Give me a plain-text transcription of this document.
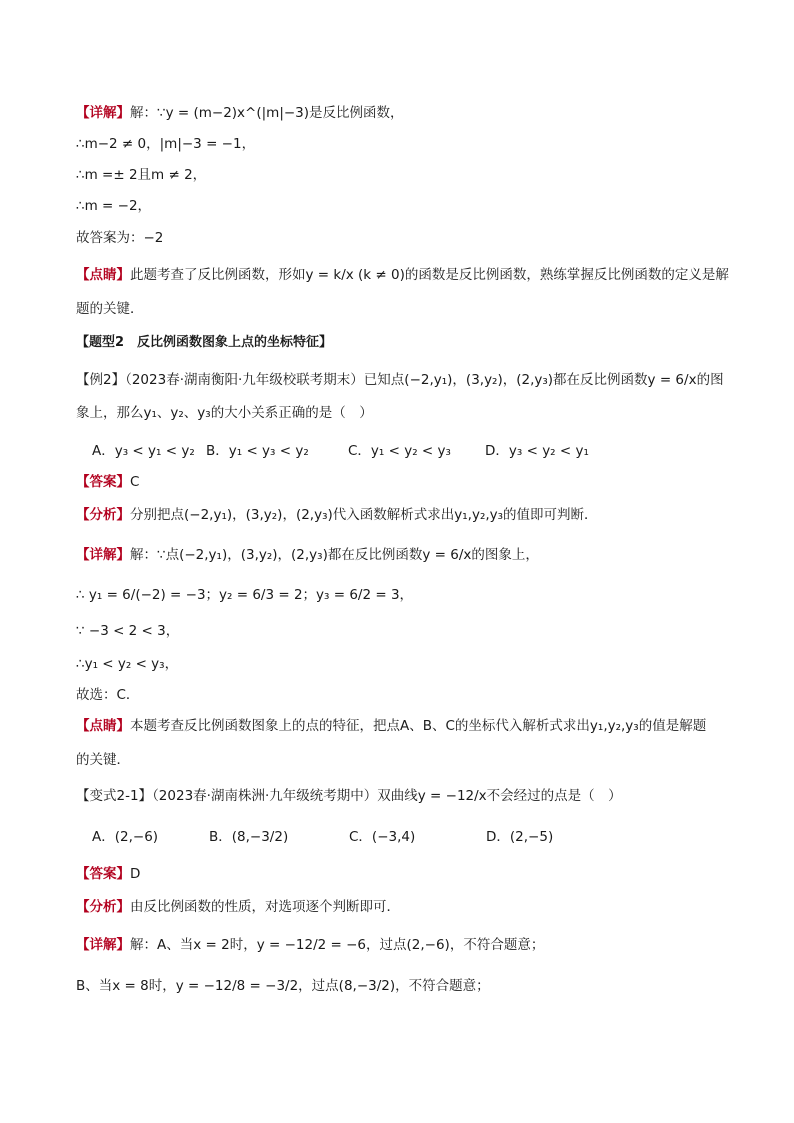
【详解】解：∵y = (m−2)x^(|m|−3)是反比例函数，
∴m−2 ≠ 0，|m|−3 = −1，
∴m =± 2且m ≠ 2，
∴m = −2，
故答案为：−2
【点睛】此题考查了反比例函数，形如y = k/x (k ≠ 0)的函数是反比例函数，熟练掌握反比例函数的定义是解
题的关键．
【题型2　反比例函数图象上点的坐标特征】
【例2】（2023春·湖南衡阳·九年级校联考期末）已知点(−2,y₁)，(3,y₂)，(2,y₃)都在反比例函数y = 6/x的图
象上，那么y₁、y₂、y₃的大小关系正确的是（　）
A．y₃ < y₁ < y₂ B．y₁ < y₃ < y₂	C．y₁ < y₂ < y₃	D．y₃ < y₂ < y₁
【答案】C
【分析】分别把点(−2,y₁)，(3,y₂)，(2,y₃)代入函数解析式求出y₁,y₂,y₃的值即可判断．
【详解】解：∵点(−2,y₁)，(3,y₂)，(2,y₃)都在反比例函数y = 6/x的图象上，
∴ y₁ = 6/(−2) = −3；y₂ = 6/3 = 2；y₃ = 6/2 = 3，
∵ −3 < 2 < 3，
∴y₁ < y₂ < y₃，
故选：C．
【点睛】本题考查反比例函数图象上的点的特征，把点A、B、C的坐标代入解析式求出y₁,y₂,y₃的值是解题
的关键．
【变式2-1】（2023春·湖南株洲·九年级统考期中）双曲线y = −12/x不会经过的点是（　）
A．(2,−6)	B．(8,−3/2)	C．(−3,4)	D．(2,−5)
【答案】D
【分析】由反比例函数的性质，对选项逐个判断即可．
【详解】解：A、当x = 2时，y = −12/2 = −6，过点(2,−6)，不符合题意；
B、当x = 8时，y = −12/8 = −3/2，过点(8,−3/2)，不符合题意；
